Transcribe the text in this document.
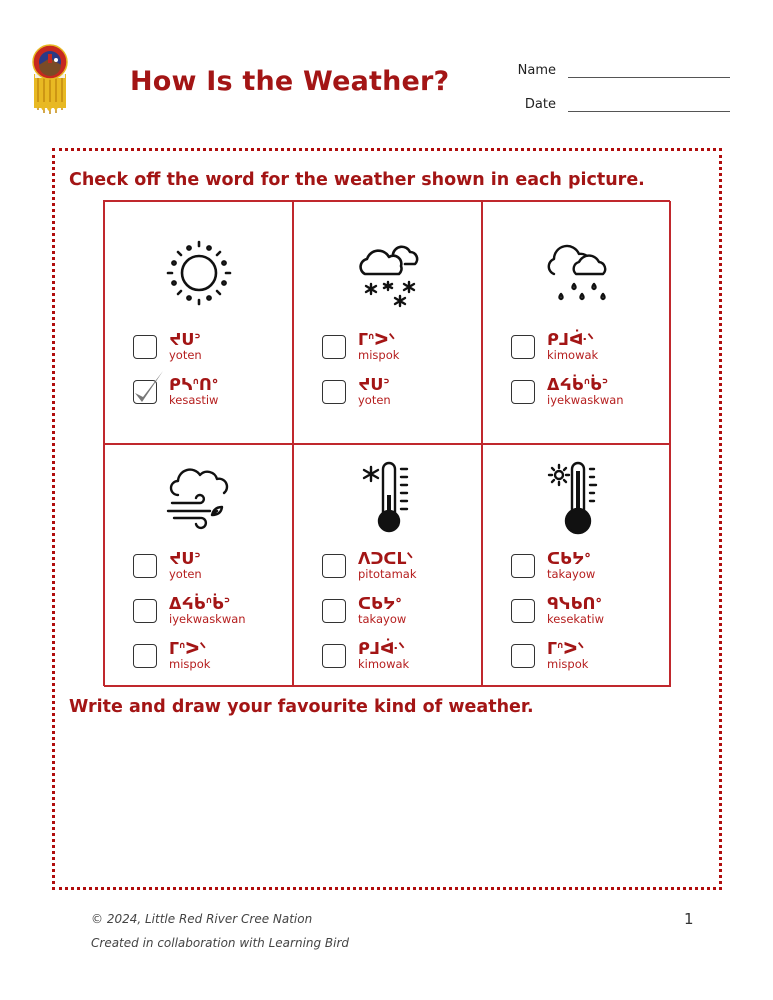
How Is the Weather?	Name
Date

Check off the word for the weather shown in each picture.

ᔪᑌᐣ
yoten
ᑭᓴᐢᑎᐤ
kesastiw
ᒥᐢᐳᐠ
mispok
ᔪᑌᐣ
yoten
ᑭᒧᐚᐠ
kimowak
ᐃᔦᑳᐢᑳᐣ
iyekwaskwan
ᔪᑌᐣ
yoten
ᐃᔦᑳᐢᑳᐣ
iyekwaskwan
ᒥᐢᐳᐠ
mispok
ᐱᑐᑕᒪᐠ
pitotamak
ᑕᑲᔭᐤ
takayow
ᑭᒧᐚᐠ
kimowak
ᑕᑲᔭᐤ
takayow
ᑫᓭᑲᑎᐤ
kesekatiw
ᒥᐢᐳᐠ
mispok

Write and draw your favourite kind of weather.

© 2024, Little Red River Cree Nation

Created in collaboration with Learning Bird

1
